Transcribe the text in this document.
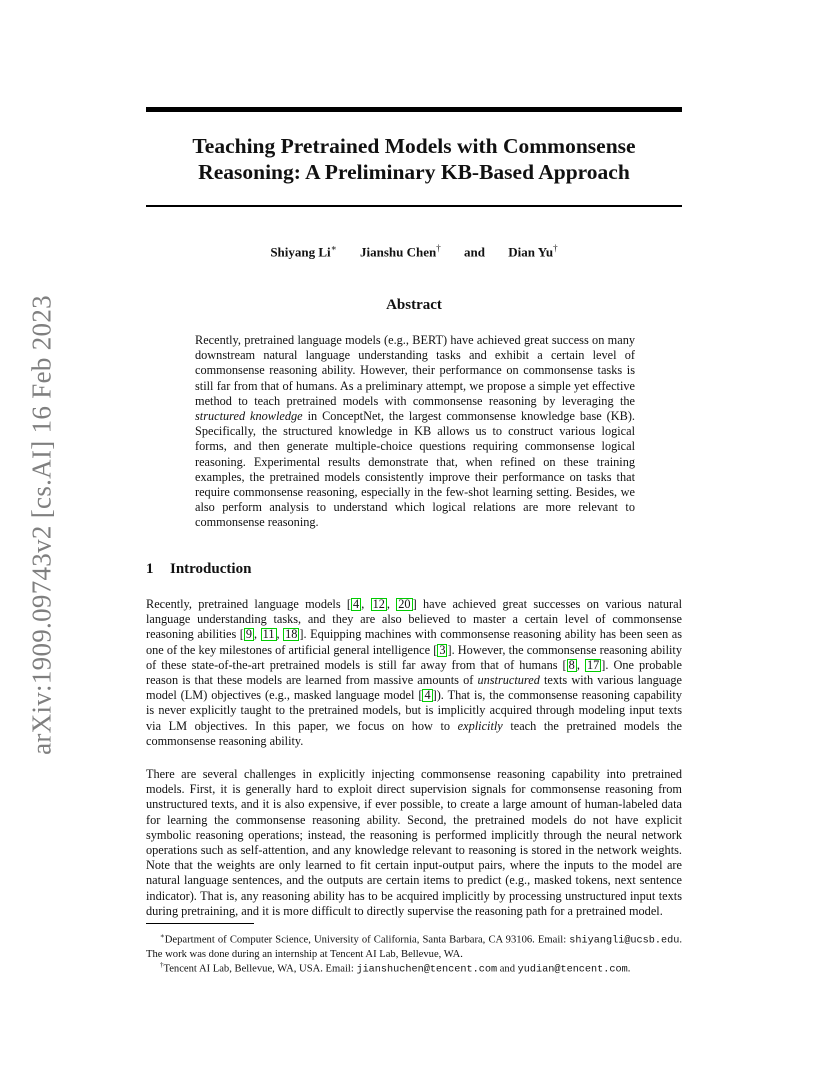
arXiv:1909.09743v2 [cs.AI] 16 Feb 2023
Teaching Pretrained Models with Commonsense
Reasoning: A Preliminary KB-Based Approach
Shiyang Li∗ Jianshu Chen† and Dian Yu†
Abstract
Recently, pretrained language models (e.g., BERT) have achieved great success on many downstream natural language understanding tasks and exhibit a certain level of commonsense reasoning ability. However, their performance on commonsense tasks is still far from that of humans. As a preliminary attempt, we propose a simple yet effective method to teach pretrained models with commonsense reasoning by leveraging the structured knowledge in ConceptNet, the largest commonsense knowledge base (KB). Specifically, the structured knowledge in KB allows us to construct various logical forms, and then generate multiple-choice questions requiring commonsense logical reasoning. Experimental results demonstrate that, when refined on these training examples, the pretrained models consistently improve their performance on tasks that require commonsense reasoning, especially in the few-shot learning setting. Besides, we also perform analysis to understand which logical relations are more relevant to commonsense reasoning.
1 Introduction
Recently, pretrained language models [ 4 , 12 , 20 ] have achieved great successes on various natural language understanding tasks, and they are also believed to master a certain level of commonsense reasoning abilities [ 9 , 11 , 18 ]. Equipping machines with commonsense reasoning ability has been seen as one of the key milestones of artificial general intelligence [ 3 ]. However, the commonsense reasoning ability of these state-of-the-art pretrained models is still far away from that of humans [ 8 , 17 ]. One probable reason is that these models are learned from massive amounts of unstructured texts with various language model (LM) objectives (e.g., masked language model [ 4 ]). That is, the commonsense reasoning capability is never explicitly taught to the pretrained models, but is implicitly acquired through modeling input texts via LM objectives. In this paper, we focus on how to explicitly teach the pretrained models the commonsense reasoning ability.
There are several challenges in explicitly injecting commonsense reasoning capability into pretrained models. First, it is generally hard to exploit direct supervision signals for commonsense reasoning from unstructured texts, and it is also expensive, if ever possible, to create a large amount of human-labeled data for learning the commonsense reasoning ability. Second, the pretrained models do not have explicit symbolic reasoning operations; instead, the reasoning is performed implicitly through the neural network operations such as self-attention, and any knowledge relevant to reasoning is stored in the network weights. Note that the weights are only learned to fit certain input-output pairs, where the inputs to the model are natural language sentences, and the outputs are certain items to predict (e.g., masked tokens, next sentence indicator). That is, any reasoning ability has to be acquired implicitly by processing unstructured input texts during pretraining, and it is more difficult to directly supervise the reasoning path for a pretrained model.
∗Department of Computer Science, University of California, Santa Barbara, CA 93106. Email: shiyangli@ucsb.edu. The work was done during an internship at Tencent AI Lab, Bellevue, WA.
†Tencent AI Lab, Bellevue, WA, USA. Email: jianshuchen@tencent.com and yudian@tencent.com.
